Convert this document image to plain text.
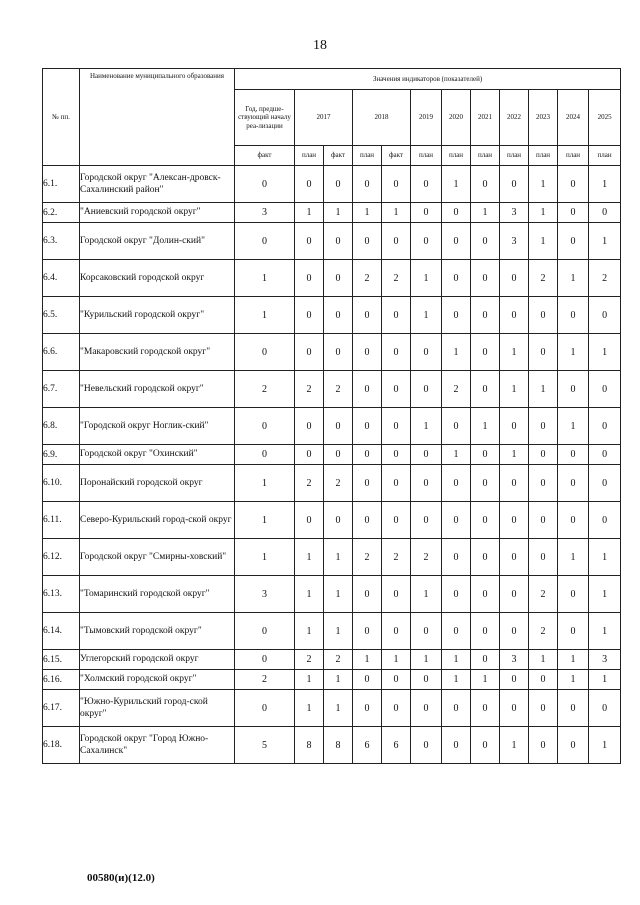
18
№ пп.	Наименование муниципального образования	Значения индикаторов (показателей)											
		Год, предше-ствующий началу реа-лизации	2017		2018		2019	2020	2021	2022	2023	2024	2025
		факт	план	факт	план	факт	план	план	план	план	план	план	план
6.1.	Городской округ "Алексан-дровск-Сахалинский район"	0	0	0	0	0	0	1	0	0	1	0	1
6.2.	"Аниевский городской округ"	3	1	1	1	1	0	0	1	3	1	0	0
6.3.	Городской округ "Долин-ский"	0	0	0	0	0	0	0	0	3	1	0	1
6.4.	Корсаковский городской округ	1	0	0	2	2	1	0	0	0	2	1	2
6.5.	"Курильский городской округ"	1	0	0	0	0	1	0	0	0	0	0	0
6.6.	"Макаровский городской округ"	0	0	0	0	0	0	1	0	1	0	1	1
6.7.	"Невельский городской округ"	2	2	2	0	0	0	2	0	1	1	0	0
6.8.	"Городской округ Ноглик-ский"	0	0	0	0	0	1	0	1	0	0	1	0
6.9.	Городской округ "Охинский"	0	0	0	0	0	0	1	0	1	0	0	0
6.10.	Поронайский городской округ	1	2	2	0	0	0	0	0	0	0	0	0
6.11.	Северо-Курильский город-ской округ	1	0	0	0	0	0	0	0	0	0	0	0
6.12.	Городской округ "Смирны-ховский"	1	1	1	2	2	2	0	0	0	0	1	1
6.13.	"Томаринский городской округ"	3	1	1	0	0	1	0	0	0	2	0	1
6.14.	"Тымовский городской округ"	0	1	1	0	0	0	0	0	0	2	0	1
6.15.	Углегорский городской округ	0	2	2	1	1	1	1	0	3	1	1	3
6.16.	"Холмский городской округ"	2	1	1	0	0	0	1	1	0	0	1	1
6.17.	"Южно-Курильский город-ской округ"	0	1	1	0	0	0	0	0	0	0	0	0
6.18.	Городской округ "Город Южно-Сахалинск"	5	8	8	6	6	0	0	0	1	0	0	1
00580(и)(12.0)
